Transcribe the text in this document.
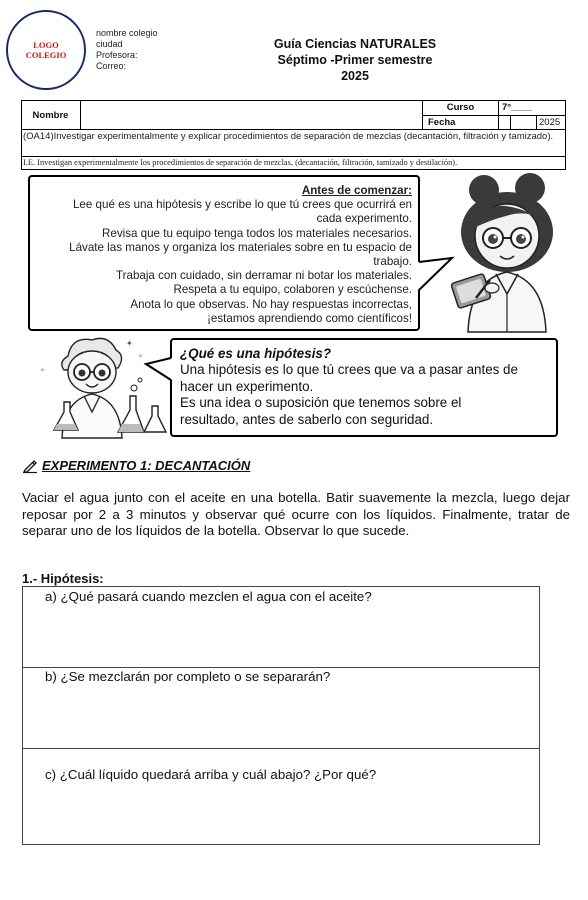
LOGO
COLEGIO
nombre colegio
ciudad
Profesora:
Correo:
Guía Ciencias NATURALES
Séptimo -Primer semestre
2025
Nombre
Curso	7°____
Fecha	2025
(OA14)Investigar experimentalmente y explicar procedimientos de separación de mezclas (decantación, filtración y tamizado).
I.E. Investigan experimentalmente los procedimientos de separación de mezclas, (decantación, filtración, tamizado y destilación).
Antes de comenzar:
Lee qué es una hipótesis y escribe lo que tú crees que ocurrirá en
cada experimento.
Revisa que tu equipo tenga todos los materiales necesarios.
Lávate las manos y organiza los materiales sobre en tu espacio de
trabajo.
Trabaja con cuidado, sin derramar ni botar los materiales.
Respeta a tu equipo, colaboren y escúchense.
Anota lo que observas. No hay respuestas incorrectas,
¡estamos aprendiendo como científicos!
✦
✧
✧
¿Qué es una hipótesis?
Una hipótesis es lo que tú crees que va a pasar antes de
hacer un experimento.
Es una idea o suposición que tenemos sobre el
resultado, antes de saberlo con seguridad.
EXPERIMENTO 1: DECANTACIÓN
Vaciar el agua junto con el aceite en una botella. Batir suavemente la mezcla, luego dejar reposar por 2 a 3 minutos y observar qué ocurre con los líquidos. Finalmente, tratar de separar uno de los líquidos de la botella. Observar lo que sucede.
1.- Hipótesis:
a) ¿Qué pasará cuando mezclen el agua con el aceite?
b) ¿Se mezclarán por completo o se separarán?
c) ¿Cuál líquido quedará arriba y cuál abajo? ¿Por qué?
